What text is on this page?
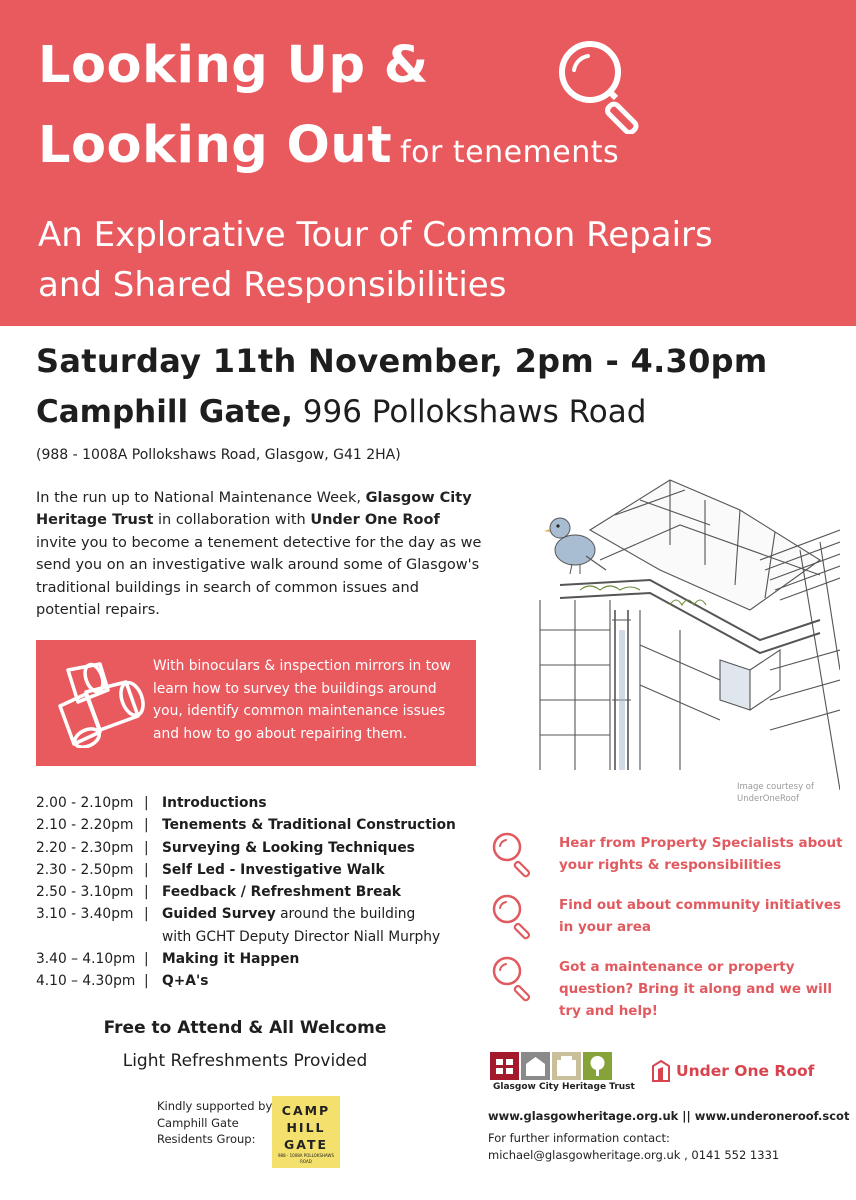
Looking Up &
Looking Out for tenements
An Explorative Tour of Common Repairs
and Shared Responsibilities
Saturday 11th November, 2pm - 4.30pm
Camphill Gate, 996 Pollokshaws Road
(988 - 1008A Pollokshaws Road, Glasgow, G41 2HA)
In the run up to National Maintenance Week, Glasgow City Heritage Trust in collaboration with Under One Roof invite you to become a tenement detective for the day as we send you on an investigative walk around some of Glasgow's traditional buildings in search of common issues and potential repairs.
With binoculars & inspection mirrors in tow learn how to survey the buildings around you, identify common maintenance issues and how to go about repairing them.
Image courtesy of UnderOneRoof
2.00 - 2.10pm | Introductions
2.10 - 2.20pm | Tenements & Traditional Construction
2.20 - 2.30pm | Surveying & Looking Techniques
2.30 - 2.50pm | Self Led - Investigative Walk
2.50 - 3.10pm | Feedback / Refreshment Break
3.10 - 3.40pm | Guided Survey around the building
with GCHT Deputy Director Niall Murphy
3.40 – 4.10pm | Making it Happen
4.10 – 4.30pm | Q+A's
Free to Attend & All Welcome
Light Refreshments Provided
Kindly supported by Camphill Gate Residents Group:
CAMP
HILL
GATE
988 - 1008A POLLOKSHAWS ROAD
Hear from Property Specialists about your rights & responsibilities
Find out about community initiatives in your area
Got a maintenance or property question? Bring it along and we will try and help!
Glasgow City Heritage Trust
Under One Roof
www.glasgowheritage.org.uk || www.underoneroof.scot
For further information contact:
michael@glasgowheritage.org.uk , 0141 552 1331
